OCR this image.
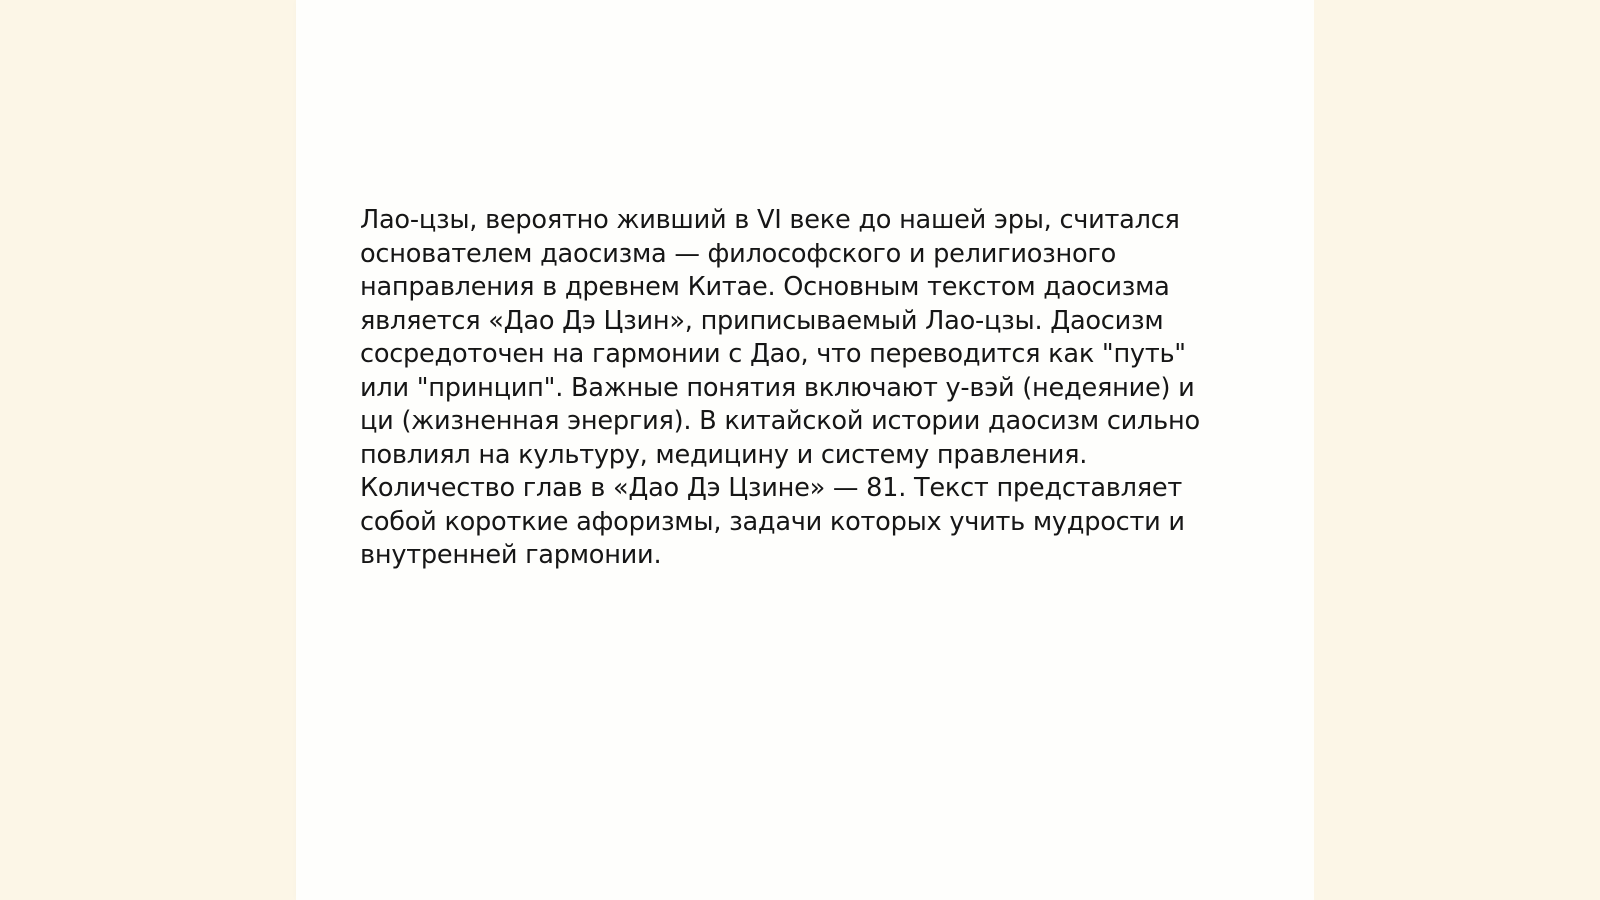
Лао-цзы, вероятно живший в VI веке до нашей эры, считался
основателем даосизма — философского и религиозного
направления в древнем Китае. Основным текстом даосизма
является «Дао Дэ Цзин», приписываемый Лао-цзы. Даосизм
сосредоточен на гармонии с Дао, что переводится как "путь"
или "принцип". Важные понятия включают у-вэй (недеяние) и
ци (жизненная энергия). В китайской истории даосизм сильно
повлиял на культуру, медицину и систему правления.
Количество глав в «Дао Дэ Цзине» — 81. Текст представляет
собой короткие афоризмы, задачи которых учить мудрости и
внутренней гармонии.
